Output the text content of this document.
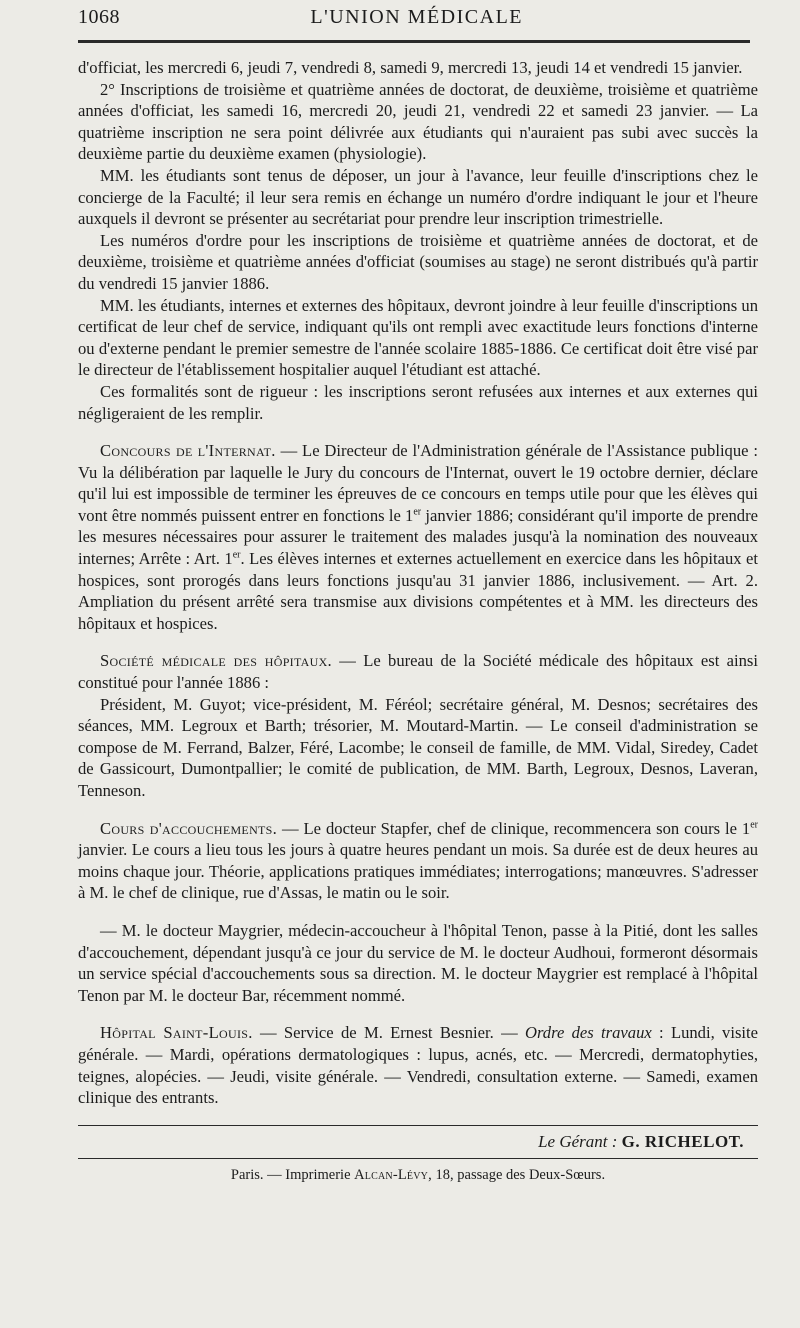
1068	L'UNION MÉDICALE

d'officiat, les mercredi 6, jeudi 7, vendredi 8, samedi 9, mercredi 13, jeudi 14 et vendredi 15 janvier.

2° Inscriptions de troisième et quatrième années de doctorat, de deuxième, troisième et quatrième années d'officiat, les samedi 16, mercredi 20, jeudi 21, vendredi 22 et samedi 23 janvier. — La quatrième inscription ne sera point délivrée aux étudiants qui n'auraient pas subi avec succès la deuxième partie du deuxième examen (physiologie).

MM. les étudiants sont tenus de déposer, un jour à l'avance, leur feuille d'inscriptions chez le concierge de la Faculté; il leur sera remis en échange un numéro d'ordre indiquant le jour et l'heure auxquels il devront se présenter au secrétariat pour prendre leur inscription trimestrielle.

Les numéros d'ordre pour les inscriptions de troisième et quatrième années de doctorat, et de deuxième, troisième et quatrième années d'officiat (soumises au stage) ne seront distribués qu'à partir du vendredi 15 janvier 1886.

MM. les étudiants, internes et externes des hôpitaux, devront joindre à leur feuille d'inscriptions un certificat de leur chef de service, indiquant qu'ils ont rempli avec exactitude leurs fonctions d'interne ou d'externe pendant le premier semestre de l'année scolaire 1885-1886. Ce certificat doit être visé par le directeur de l'établissement hospitalier auquel l'étudiant est attaché.

Ces formalités sont de rigueur : les inscriptions seront refusées aux internes et aux externes qui négligeraient de les remplir.

Concours de l'Internat. — Le Directeur de l'Administration générale de l'Assistance publique : Vu la délibération par laquelle le Jury du concours de l'Internat, ouvert le 19 octobre dernier, déclare qu'il lui est impossible de terminer les épreuves de ce concours en temps utile pour que les élèves qui vont être nommés puissent entrer en fonctions le 1er janvier 1886; considérant qu'il importe de prendre les mesures nécessaires pour assurer le traitement des malades jusqu'à la nomination des nouveaux internes; Arrête : Art. 1er. Les élèves internes et externes actuellement en exercice dans les hôpitaux et hospices, sont prorogés dans leurs fonctions jusqu'au 31 janvier 1886, inclusivement. — Art. 2. Ampliation du présent arrêté sera transmise aux divisions compétentes et à MM. les directeurs des hôpitaux et hospices.

Société médicale des hôpitaux. — Le bureau de la Société médicale des hôpitaux est ainsi constitué pour l'année 1886 :

Président, M. Guyot; vice-président, M. Féréol; secrétaire général, M. Desnos; secrétaires des séances, MM. Legroux et Barth; trésorier, M. Moutard-Martin. — Le conseil d'administration se compose de M. Ferrand, Balzer, Féré, Lacombe; le conseil de famille, de MM. Vidal, Siredey, Cadet de Gassicourt, Dumontpallier; le comité de publication, de MM. Barth, Legroux, Desnos, Laveran, Tenneson.

Cours d'accouchements. — Le docteur Stapfer, chef de clinique, recommencera son cours le 1er janvier. Le cours a lieu tous les jours à quatre heures pendant un mois. Sa durée est de deux heures au moins chaque jour. Théorie, applications pratiques immédiates; interrogations; manœuvres. S'adresser à M. le chef de clinique, rue d'Assas, le matin ou le soir.

— M. le docteur Maygrier, médecin-accoucheur à l'hôpital Tenon, passe à la Pitié, dont les salles d'accouchement, dépendant jusqu'à ce jour du service de M. le docteur Audhoui, formeront désormais un service spécial d'accouchements sous sa direction. M. le docteur Maygrier est remplacé à l'hôpital Tenon par M. le docteur Bar, récemment nommé.

Hôpital Saint-Louis. — Service de M. Ernest Besnier. — Ordre des travaux : Lundi, visite générale. — Mardi, opérations dermatologiques : lupus, acnés, etc. — Mercredi, dermatophyties, teignes, alopécies. — Jeudi, visite générale. — Vendredi, consultation externe. — Samedi, examen clinique des entrants.

Le Gérant : G. RICHELOT.
Paris. — Imprimerie Alcan-Lévy, 18, passage des Deux-Sœurs.
